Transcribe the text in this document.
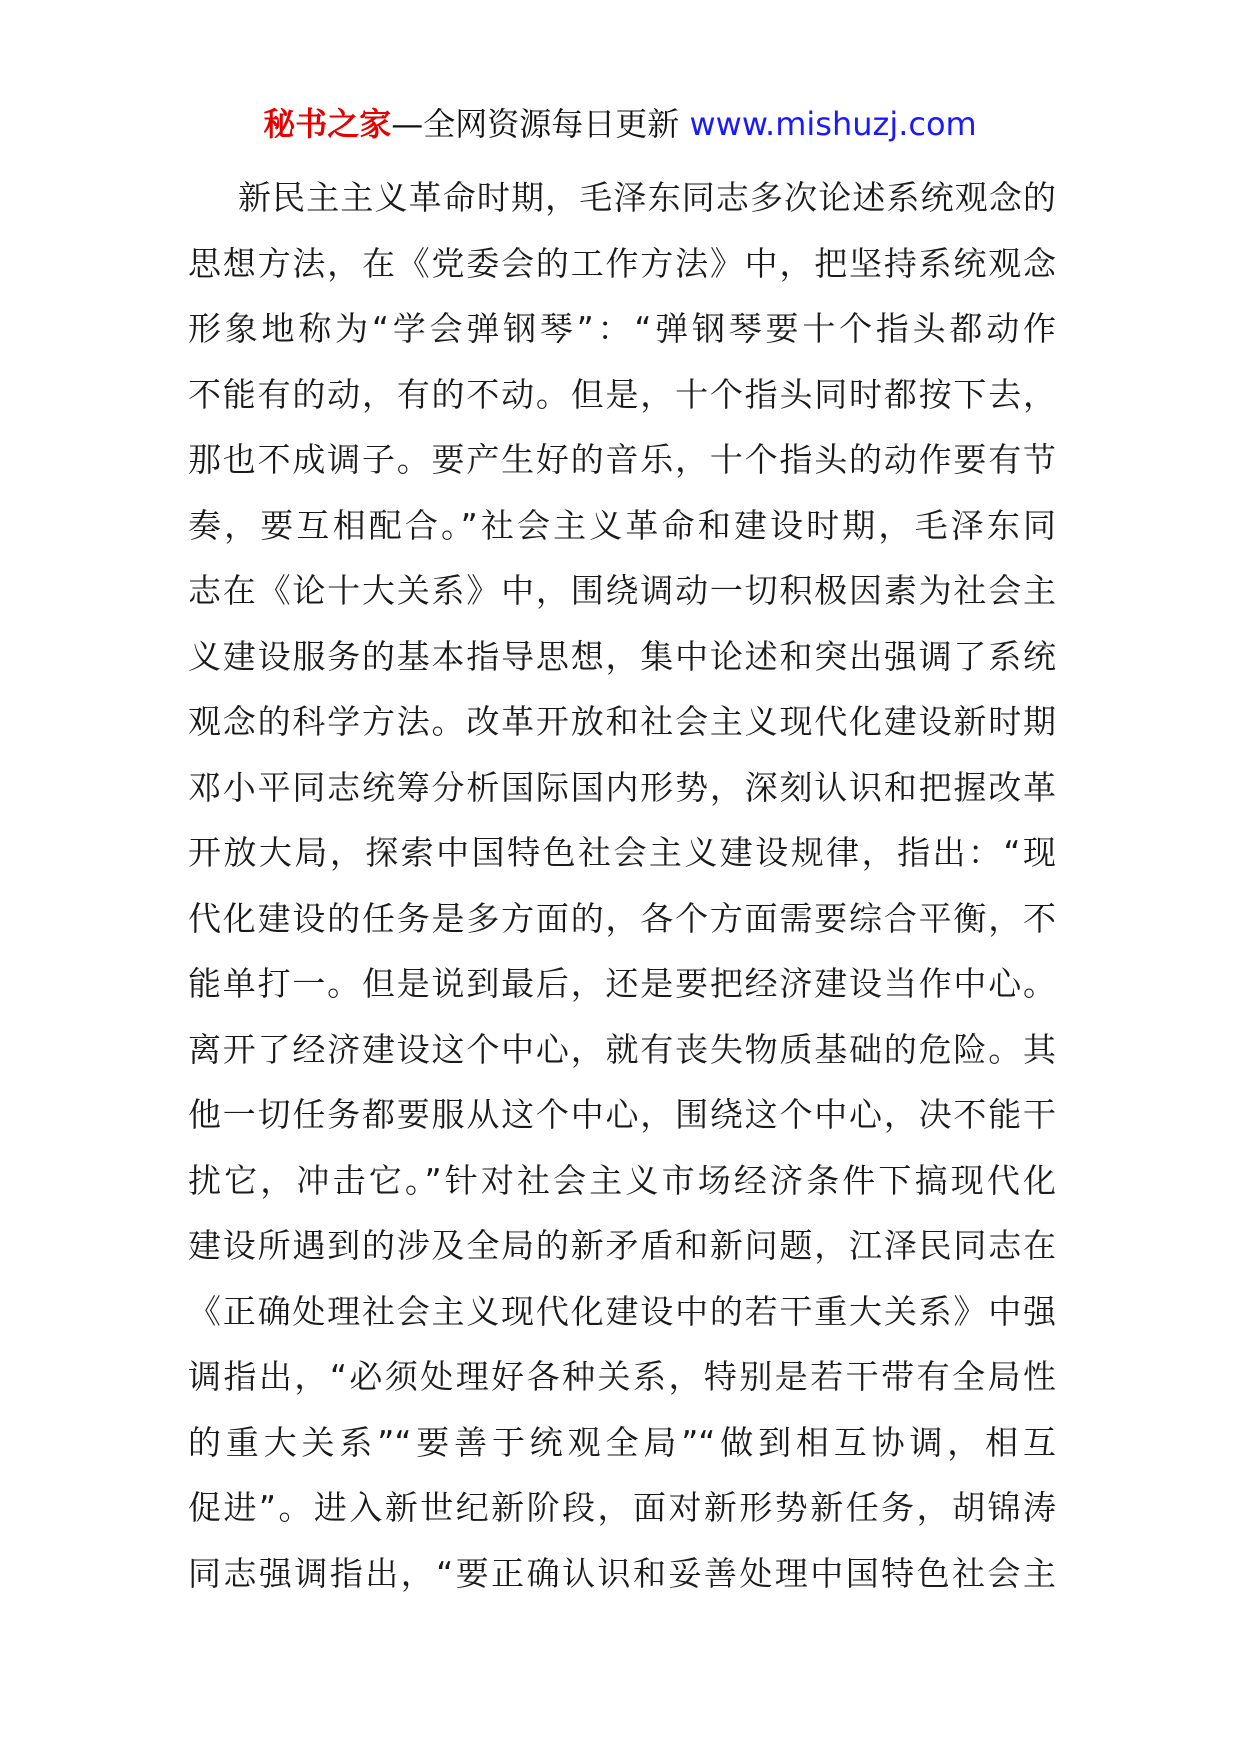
秘书之家—全网资源每日更新 www.mishuzj.com
新民主主义革命时期，毛泽东同志多次论述系统观念的
思想方法，在《党委会的工作方法》中，把坚持系统观念
形象地称为“学会弹钢琴”：“弹钢琴要十个指头都动作
不能有的动，有的不动。但是，十个指头同时都按下去，
那也不成调子。要产生好的音乐，十个指头的动作要有节
奏，要互相配合。”社会主义革命和建设时期，毛泽东同
志在《论十大关系》中，围绕调动一切积极因素为社会主
义建设服务的基本指导思想，集中论述和突出强调了系统
观念的科学方法。改革开放和社会主义现代化建设新时期
邓小平同志统筹分析国际国内形势，深刻认识和把握改革
开放大局，探索中国特色社会主义建设规律，指出：“现
代化建设的任务是多方面的，各个方面需要综合平衡，不
能单打一。但是说到最后，还是要把经济建设当作中心。
离开了经济建设这个中心，就有丧失物质基础的危险。其
他一切任务都要服从这个中心，围绕这个中心，决不能干
扰它，冲击它。”针对社会主义市场经济条件下搞现代化
建设所遇到的涉及全局的新矛盾和新问题，江泽民同志在
《正确处理社会主义现代化建设中的若干重大关系》中强
调指出，“必须处理好各种关系，特别是若干带有全局性
的重大关系”“要善于统观全局”“做到相互协调，相互
促进”。进入新世纪新阶段，面对新形势新任务，胡锦涛
同志强调指出，“要正确认识和妥善处理中国特色社会主
